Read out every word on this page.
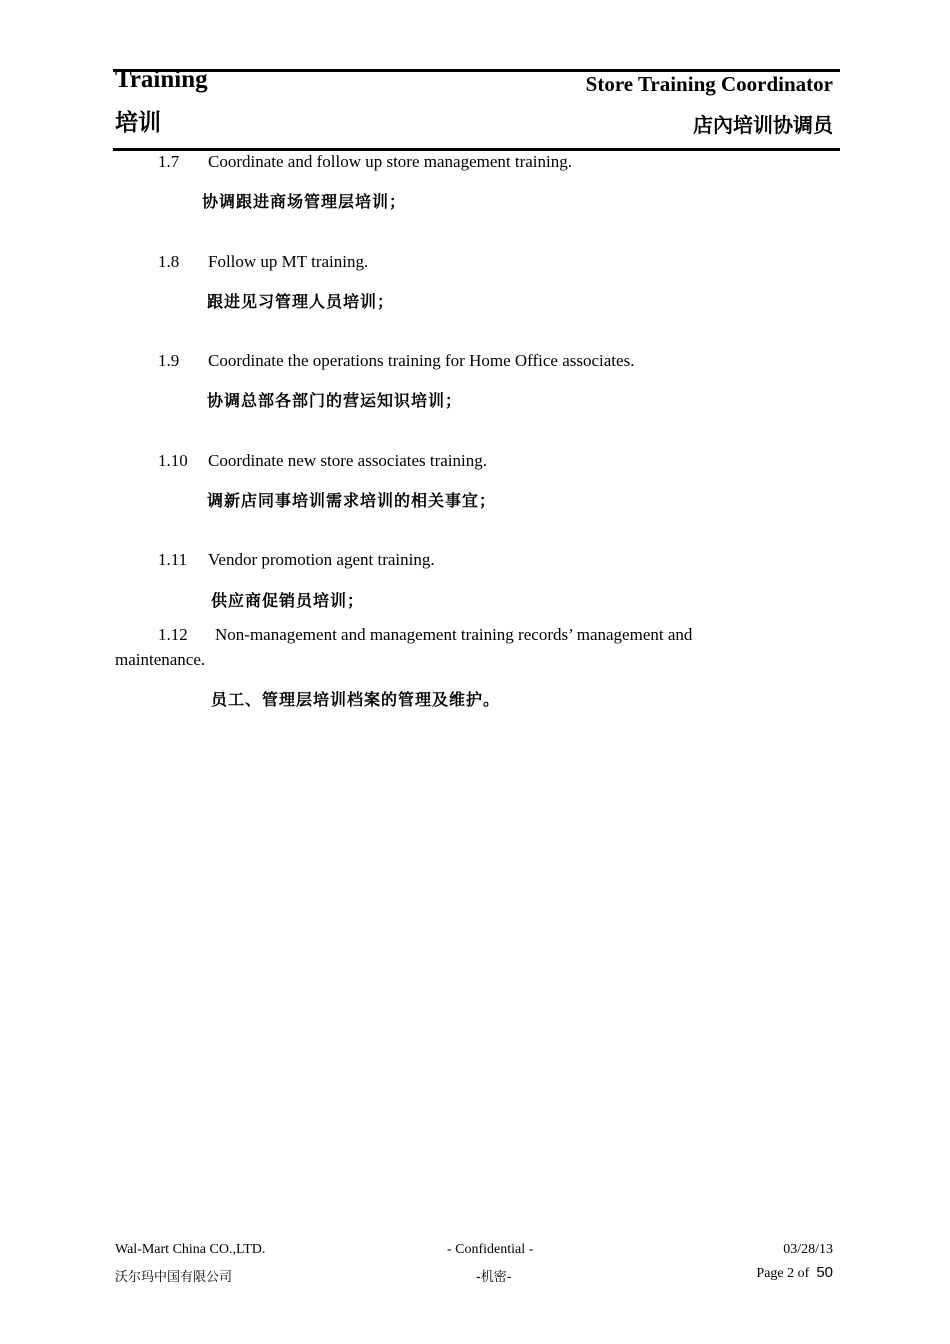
Training
培训
Store Training Coordinator
店內培训协调员
1.7 Coordinate and follow up store management training.
协调跟进商场管理层培训；
1.8 Follow up MT training.
跟进见习管理人员培训；
1.9 Coordinate the operations training for Home Office associates.
协调总部各部门的营运知识培训；
1.10 Coordinate new store associates training.
调新店同事培训需求培训的相关事宜；
1.11 Vendor promotion agent training.
供应商促销员培训；
1.12 Non-management and management training records’ management and
maintenance.
员工、管理层培训档案的管理及维护。
Wal-Mart China CO.,LTD.
沃尔玛中国有限公司
- Confidential -
-机密-
03/28/13
Page 2 of 50
